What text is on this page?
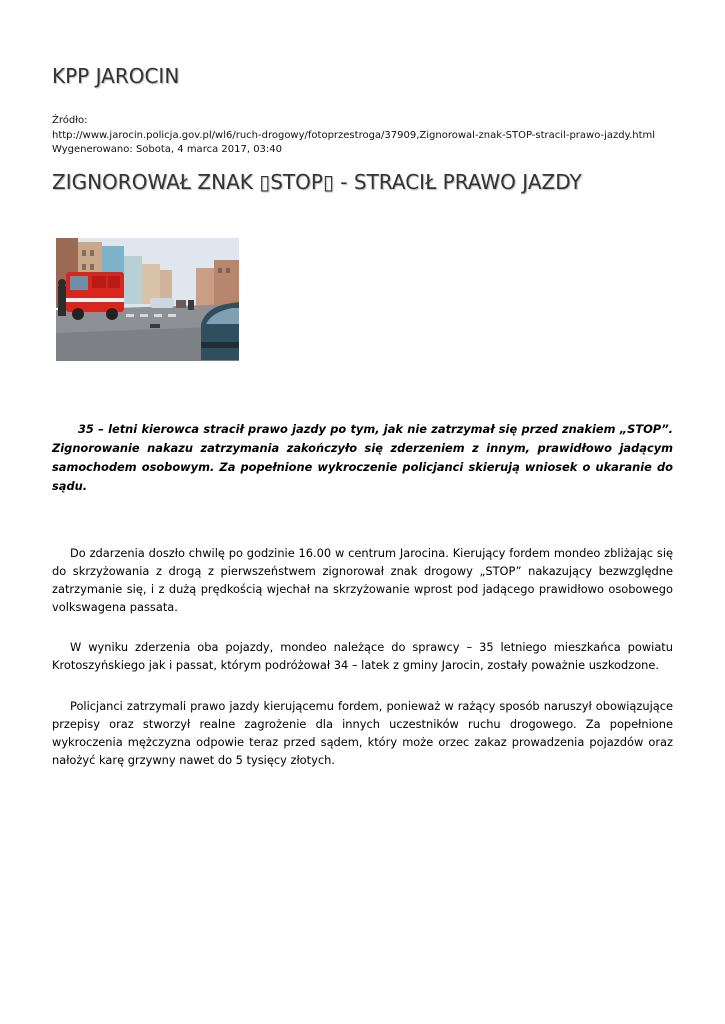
KPP JAROCIN
Źródło:
http://www.jarocin.policja.gov.pl/wl6/ruch-drogowy/fotoprzestroga/37909,Zignorowal-znak-STOP-stracil-prawo-jazdy.html
Wygenerowano: Sobota, 4 marca 2017, 03:40
ZIGNOROWAŁ ZNAK ▯STOP▯ - STRACIŁ PRAWO JAZDY

35 – letni kierowca stracił prawo jazdy po tym, jak nie zatrzymał się przed znakiem „STOP”. Zignorowanie nakazu zatrzymania zakończyło się zderzeniem z innym, prawidłowo jadącym samochodem osobowym. Za popełnione wykroczenie policjanci skierują wniosek o ukaranie do sądu.

Do zdarzenia doszło chwilę po godzinie 16.00 w centrum Jarocina. Kierujący fordem mondeo zbliżając się do skrzyżowania z drogą z pierwszeństwem zignorował znak drogowy „STOP” nakazujący bezwzględne zatrzymanie się, i z dużą prędkością wjechał na skrzyżowanie wprost pod jadącego prawidłowo osobowego volkswagena passata.

W wyniku zderzenia oba pojazdy, mondeo należące do sprawcy – 35 letniego mieszkańca powiatu Krotoszyńskiego jak i passat, którym podróżował 34 – latek z gminy Jarocin, zostały poważnie uszkodzone.

Policjanci zatrzymali prawo jazdy kierującemu fordem, ponieważ w rażący sposób naruszył obowiązujące przepisy oraz stworzył realne zagrożenie dla innych uczestników ruchu drogowego. Za popełnione wykroczenia mężczyzna odpowie teraz przed sądem, który może orzec zakaz prowadzenia pojazdów oraz nałożyć karę grzywny nawet do 5 tysięcy złotych.
